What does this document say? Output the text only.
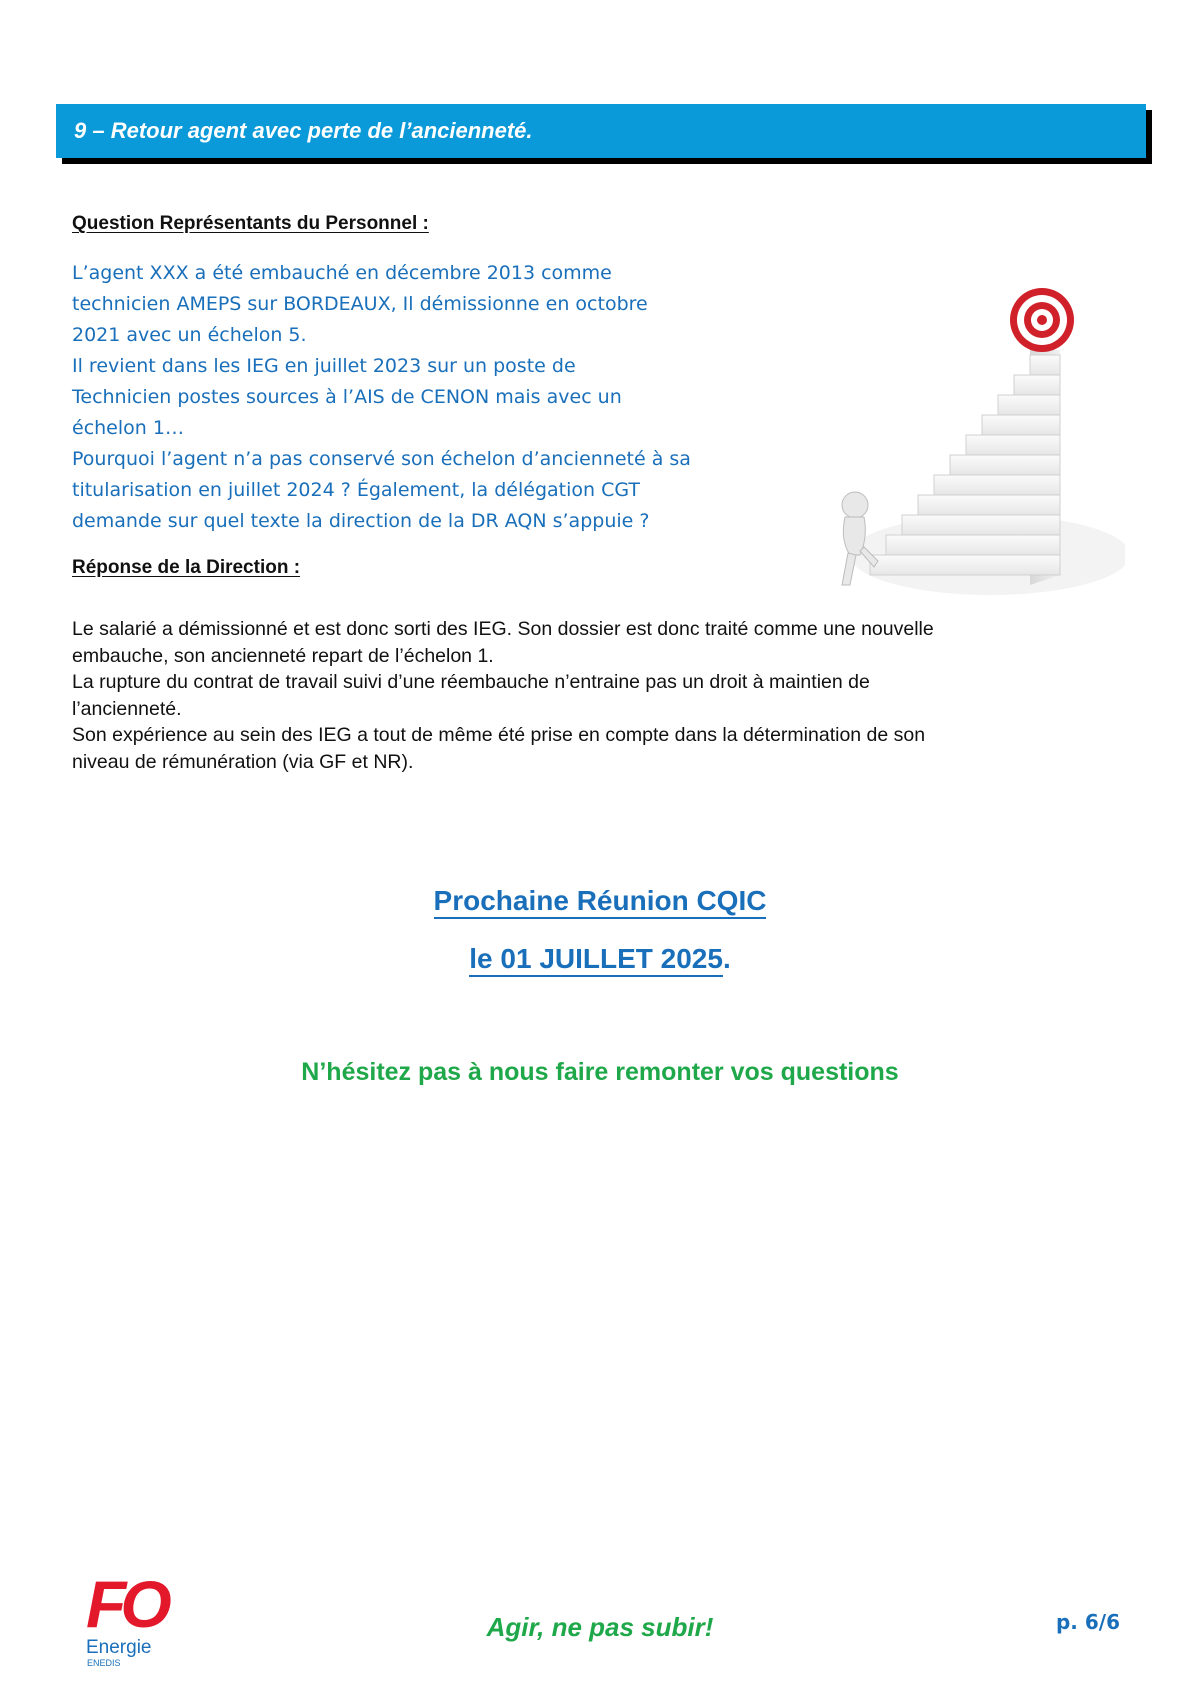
9 – Retour agent avec perte de l’ancienneté.
Question Représentants du Personnel :

L’agent XXX a été embauché en décembre 2013 comme

technicien AMEPS sur BORDEAUX, Il démissionne en octobre

2021 avec un échelon 5.

Il revient dans les IEG en juillet 2023 sur un poste de

Technicien postes sources à l’AIS de CENON mais avec un

échelon 1…

Pourquoi l’agent n’a pas conservé son échelon d’ancienneté à sa

titularisation en juillet 2024 ? Également, la délégation CGT

demande sur quel texte la direction de la DR AQN s’appuie ?

Réponse de la Direction :

Le salarié a démissionné et est donc sorti des IEG. Son dossier est donc traité comme une nouvelle

embauche, son ancienneté repart de l’échelon 1.

La rupture du contrat de travail suivi d’une réembauche n’entraine pas un droit à maintien de

l’ancienneté.

Son expérience au sein des IEG a tout de même été prise en compte dans la détermination de son

niveau de rémunération (via GF et NR).

Prochaine Réunion CQIC
le 01 JUILLET 2025.
N’hésitez pas à nous faire remonter vos questions
FO
Energie
ENEDIS
Agir, ne pas subir!	p. 6/6
